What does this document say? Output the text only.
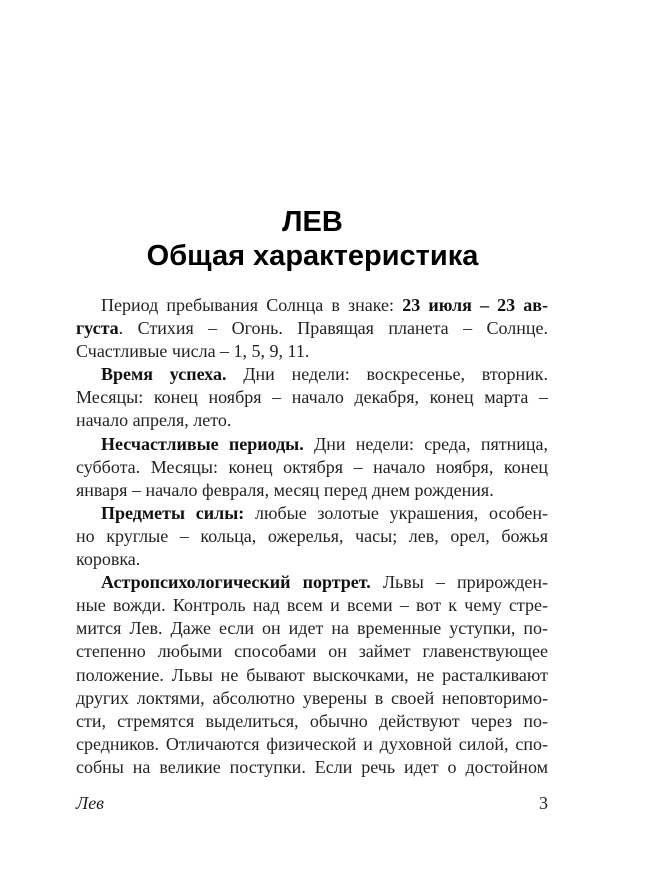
ЛЕВ
Общая характеристика
Период пребывания Солнца в знаке: 23 июля – 23 ав-
густа. Стихия – Огонь. Правящая планета – Солнце.
Счастливые числа – 1, 5, 9, 11.
Время успеха. Дни недели: воскресенье, вторник.
Месяцы: конец ноября – начало декабря, конец марта –
начало апреля, лето.
Несчастливые периоды. Дни недели: среда, пятница,
суббота. Месяцы: конец октября – начало ноября, конец
января – начало февраля, месяц перед днем рождения.
Предметы силы: любые золотые украшения, особен-
но круглые – кольца, ожерелья, часы; лев, орел, божья
коровка.
Астропсихологический портрет. Львы – прирожден-
ные вожди. Контроль над всем и всеми – вот к чему стре-
мится Лев. Даже если он идет на временные уступки, по-
степенно любыми способами он займет главенствующее
положение. Львы не бывают выскочками, не расталкивают
других локтями, абсолютно уверены в своей неповторимо-
сти, стремятся выделиться, обычно действуют через по-
средников. Отличаются физической и духовной силой, спо-
собны на великие поступки. Если речь идет о достойном
Лев	3
